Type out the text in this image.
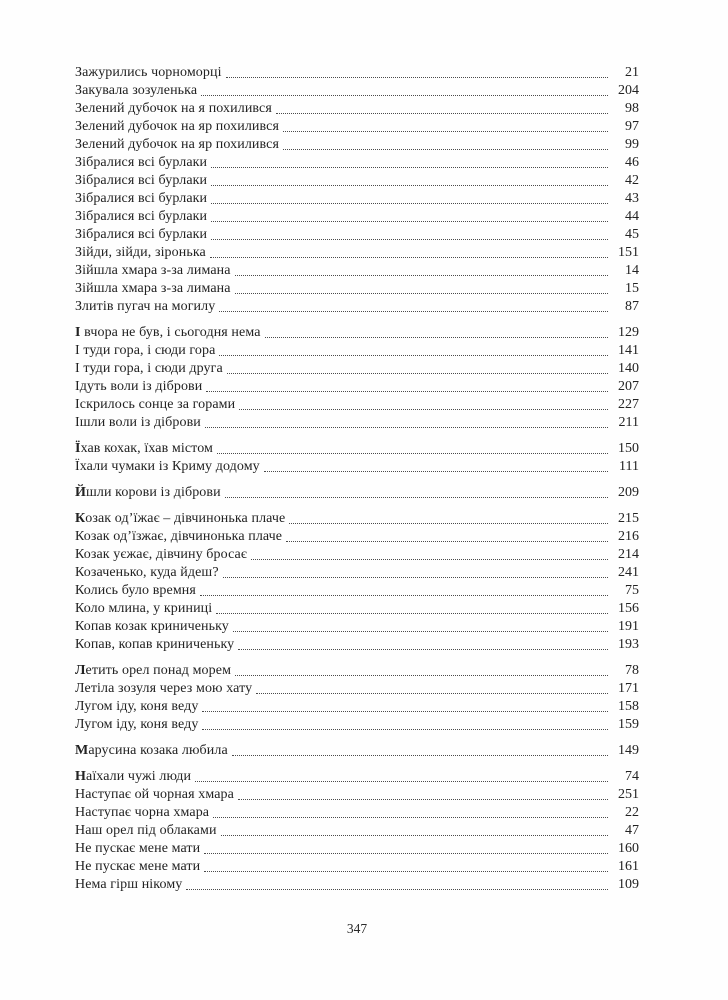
Зажурились чорноморці	21
Закувала зозуленька	204
Зелений дубочок на я похилився	98
Зелений дубочок на яр похилився	97
Зелений дубочок на яр похилився	99
Зібралися всі бурлаки	46
Зібралися всі бурлаки	42
Зібралися всі бурлаки	43
Зібралися всі бурлаки	44
Зібралися всі бурлаки	45
Зійди, зійди, зіронька	151
Зійшла хмара з-за лимана	14
Зійшла хмара з-за лимана	15
Злитів пугач на могилу	87
І вчора не був, і сьогодня нема	129
І туди гора, і сюди гора	141
І туди гора, і сюди друга	140
Ідуть воли із діброви	207
Іскрилось сонце за горами	227
Ішли воли із діброви	211
Їхав кохак, їхав містом	150
Їхали чумаки із Криму додому	111
Йшли корови із діброви	209
Козак од’їжає – дівчинонька плаче	215
Козак од’їзжає, дівчинонька плаче	216
Козак уєжає, дівчину бросає	214
Козаченько, куда йдеш?	241
Колись було времня	75
Коло млина, у криниці	156
Копав козак криниченьку	191
Копав, копав криниченьку	193
Летить орел понад морем	78
Летіла зозуля через мою хату	171
Лугом іду, коня веду	158
Лугом іду, коня веду	159
Марусина козака любила	149
Наїхали чужі люди	74
Наступає ой чорная хмара	251
Наступає чорна хмара	22
Наш орел під облаками	47
Не пускає мене мати	160
Не пускає мене мати	161
Нема гірш нікому	109
347
